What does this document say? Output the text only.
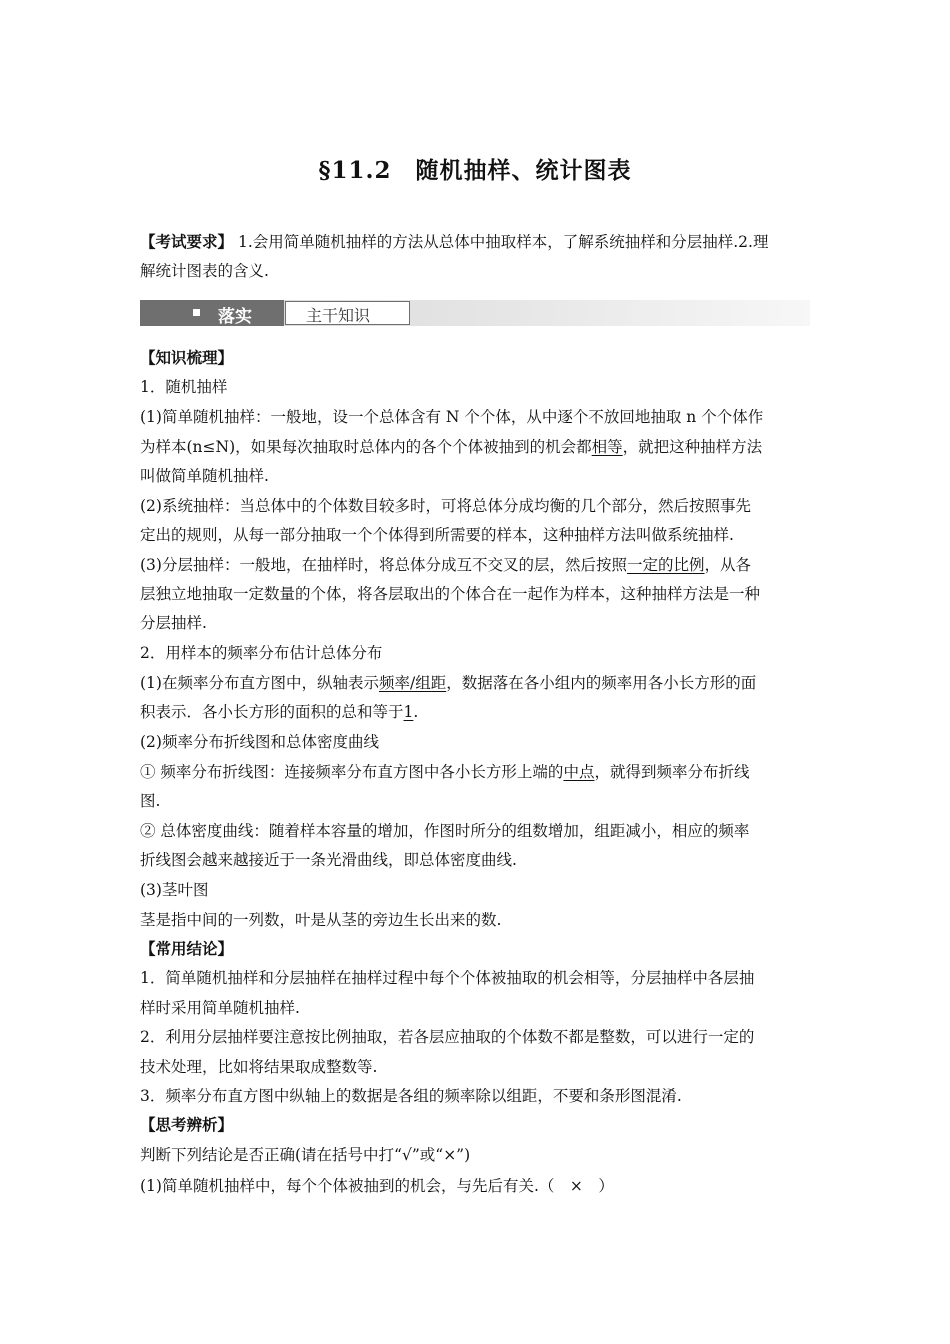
§11.2　随机抽样、统计图表
【考试要求】 1.会用简单随机抽样的方法从总体中抽取样本，了解系统抽样和分层抽样.2.理
解统计图表的含义.
落实	主干知识
【知识梳理】
1．随机抽样
(1)简单随机抽样：一般地，设一个总体含有 N 个个体，从中逐个不放回地抽取 n 个个体作
为样本(n≤N)，如果每次抽取时总体内的各个个体被抽到的机会都相等，就把这种抽样方法
叫做简单随机抽样.
(2)系统抽样：当总体中的个体数目较多时，可将总体分成均衡的几个部分，然后按照事先
定出的规则，从每一部分抽取一个个体得到所需要的样本，这种抽样方法叫做系统抽样.
(3)分层抽样：一般地，在抽样时，将总体分成互不交叉的层，然后按照一定的比例，从各
层独立地抽取一定数量的个体，将各层取出的个体合在一起作为样本，这种抽样方法是一种
分层抽样.
2．用样本的频率分布估计总体分布
(1)在频率分布直方图中，纵轴表示频率/组距，数据落在各小组内的频率用各小长方形的面
积表示．各小长方形的面积的总和等于1.
(2)频率分布折线图和总体密度曲线
① 频率分布折线图：连接频率分布直方图中各小长方形上端的中点，就得到频率分布折线
图.
② 总体密度曲线：随着样本容量的增加，作图时所分的组数增加，组距减小，相应的频率
折线图会越来越接近于一条光滑曲线，即总体密度曲线.
(3)茎叶图
茎是指中间的一列数，叶是从茎的旁边生长出来的数.
【常用结论】
1．简单随机抽样和分层抽样在抽样过程中每个个体被抽取的机会相等，分层抽样中各层抽
样时采用简单随机抽样.
2．利用分层抽样要注意按比例抽取，若各层应抽取的个体数不都是整数，可以进行一定的
技术处理，比如将结果取成整数等.
3．频率分布直方图中纵轴上的数据是各组的频率除以组距，不要和条形图混淆.
【思考辨析】
判断下列结论是否正确(请在括号中打“√”或“×”)
(1)简单随机抽样中，每个个体被抽到的机会，与先后有关.（　×　）
